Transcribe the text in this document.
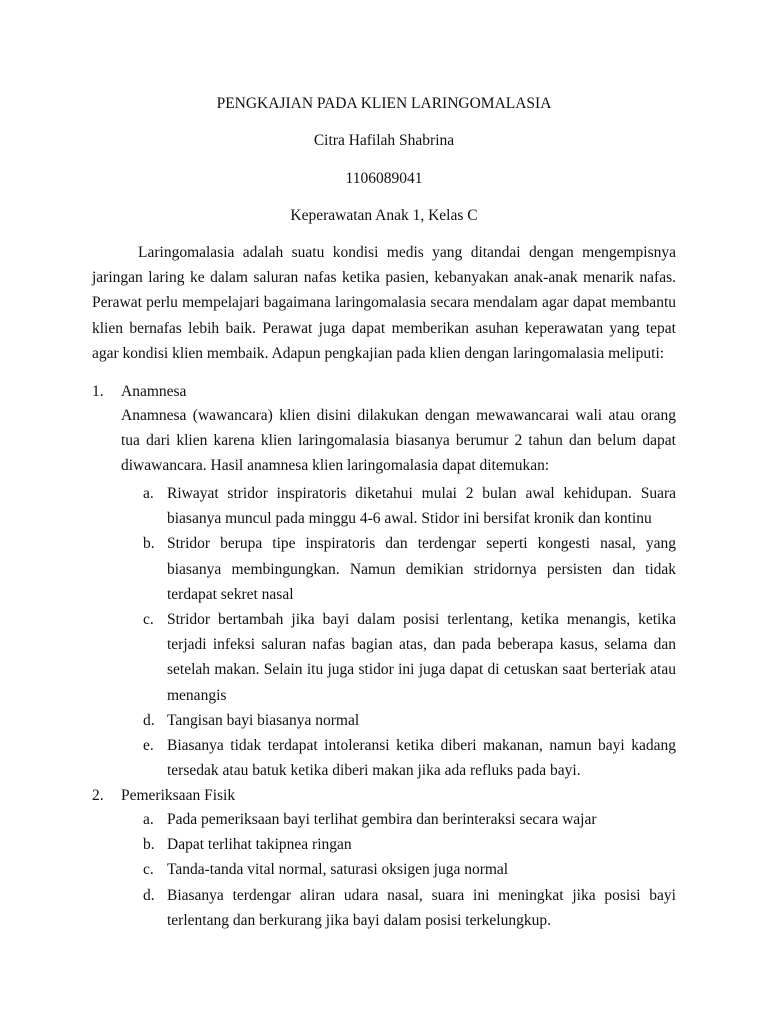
PENGKAJIAN PADA KLIEN LARINGOMALASIA
Citra Hafilah Shabrina
1106089041
Keperawatan Anak 1, Kelas C

Laringomalasia adalah suatu kondisi medis yang ditandai dengan mengempisnya jaringan laring ke dalam saluran nafas ketika pasien, kebanyakan anak-anak menarik nafas. Perawat perlu mempelajari bagaimana laringomalasia secara mendalam agar dapat membantu klien bernafas lebih baik. Perawat juga dapat memberikan asuhan keperawatan yang tepat agar kondisi klien membaik. Adapun pengkajian pada klien dengan laringomalasia meliputi:

1. Anamnesa

Anamnesa (wawancara) klien disini dilakukan dengan mewawancarai wali atau orang tua dari klien karena klien laringomalasia biasanya berumur 2 tahun dan belum dapat diwawancara. Hasil anamnesa klien laringomalasia dapat ditemukan:

a. Riwayat stridor inspiratoris diketahui mulai 2 bulan awal kehidupan. Suara biasanya muncul pada minggu 4-6 awal. Stidor ini bersifat kronik dan kontinu
b. Stridor berupa tipe inspiratoris dan terdengar seperti kongesti nasal, yang biasanya membingungkan. Namun demikian stridornya persisten dan tidak terdapat sekret nasal
c. Stridor bertambah jika bayi dalam posisi terlentang, ketika menangis, ketika terjadi infeksi saluran nafas bagian atas, dan pada beberapa kasus, selama dan setelah makan. Selain itu juga stidor ini juga dapat di cetuskan saat berteriak atau menangis
d. Tangisan bayi biasanya normal
e. Biasanya tidak terdapat intoleransi ketika diberi makanan, namun bayi kadang tersedak atau batuk ketika diberi makan jika ada refluks pada bayi.
2. Pemeriksaan Fisik
a. Pada pemeriksaan bayi terlihat gembira dan berinteraksi secara wajar
b. Dapat terlihat takipnea ringan
c. Tanda-tanda vital normal, saturasi oksigen juga normal
d. Biasanya terdengar aliran udara nasal, suara ini meningkat jika posisi bayi terlentang dan berkurang jika bayi dalam posisi terkelungkup.
